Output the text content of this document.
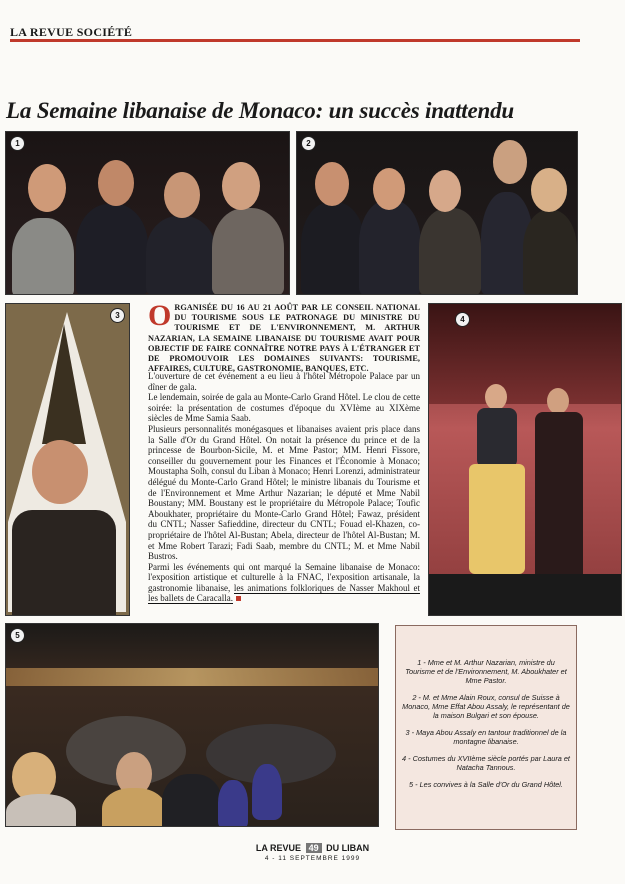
LA REVUE SOCIÉTÉ
La Semaine libanaise de Monaco: un succès inattendu
1	2
3 ORGANISÉE DU 16 AU 21 AOÛT PAR LE CONSEIL NATIONAL DU TOURISME SOUS LE PATRONAGE DU MINISTRE DU TOURISME ET DE L'ENVIRONNEMENT, M. ARTHUR NAZARIAN, LA SEMAINE LIBANAISE DU TOURISME AVAIT POUR OBJECTIF DE FAIRE CONNAÎTRE NOTRE PAYS À L'ÉTRANGER ET DE PROMOUVOIR LES DOMAINES SUIVANTS: TOURISME, AFFAIRES, CULTURE, GASTRONOMIE, BANQUES, ETC.

L'ouverture de cet événement a eu lieu à l'hôtel Métropole Palace par un dîner de gala.

Le lendemain, soirée de gala au Monte-Carlo Grand Hôtel. Le clou de cette soirée: la présentation de costumes d'époque du XVIème au XIXème siècles de Mme Samia Saab.

Plusieurs personnalités monégasques et libanaises avaient pris place dans la Salle d'Or du Grand Hôtel. On notait la présence du prince et de la princesse de Bourbon-Sicile, M. et Mme Pastor; MM. Henri Fissore, conseiller du gouvernement pour les Finances et l'Économie à Monaco; Moustapha Solh, consul du Liban à Monaco; Henri Lorenzi, administrateur délégué du Monte-Carlo Grand Hôtel; le ministre libanais du Tourisme et de l'Environnement et Mme Arthur Nazarian; le député et Mme Nabil Boustany; MM. Boustany est le propriétaire du Métropole Palace; Toufic Aboukhater, propriétaire du Monte-Carlo Grand Hôtel; Fawaz, président du CNTL; Nasser Safieddine, directeur du CNTL; Fouad el-Khazen, co-propriétaire de l'hôtel Al-Bustan; Abela, directeur de l'hôtel Al-Bustan; M. et Mme Robert Tarazi; Fadi Saab, membre du CNTL; M. et Mme Nabil Bustros.

Parmi les événements qui ont marqué la Semaine libanaise de Monaco: l'exposition artistique et culturelle à la FNAC, l'exposition artisanale, la gastronomie libanaise, les animations folkloriques de Nasser Makhoul et les ballets de Caracalla.

4
5

1 - Mme et M. Arthur Nazarian, ministre du Tourisme et de l'Environnement, M. Aboukhater et Mme Pastor.

2 - M. et Mme Alain Roux, consul de Suisse à Monaco, Mme Effat Abou Assaly, le représentant de la maison Bulgari et son épouse.

3 - Maya Abou Assaly en tantour traditionnel de la montagne libanaise.

4 - Costumes du XVIIème siècle portés par Laura et Natacha Tannous.

5 - Les convives à la Salle d'Or du Grand Hôtel.

LA REVUE 49 DU LIBAN
4 - 11 SEPTEMBRE 1999
